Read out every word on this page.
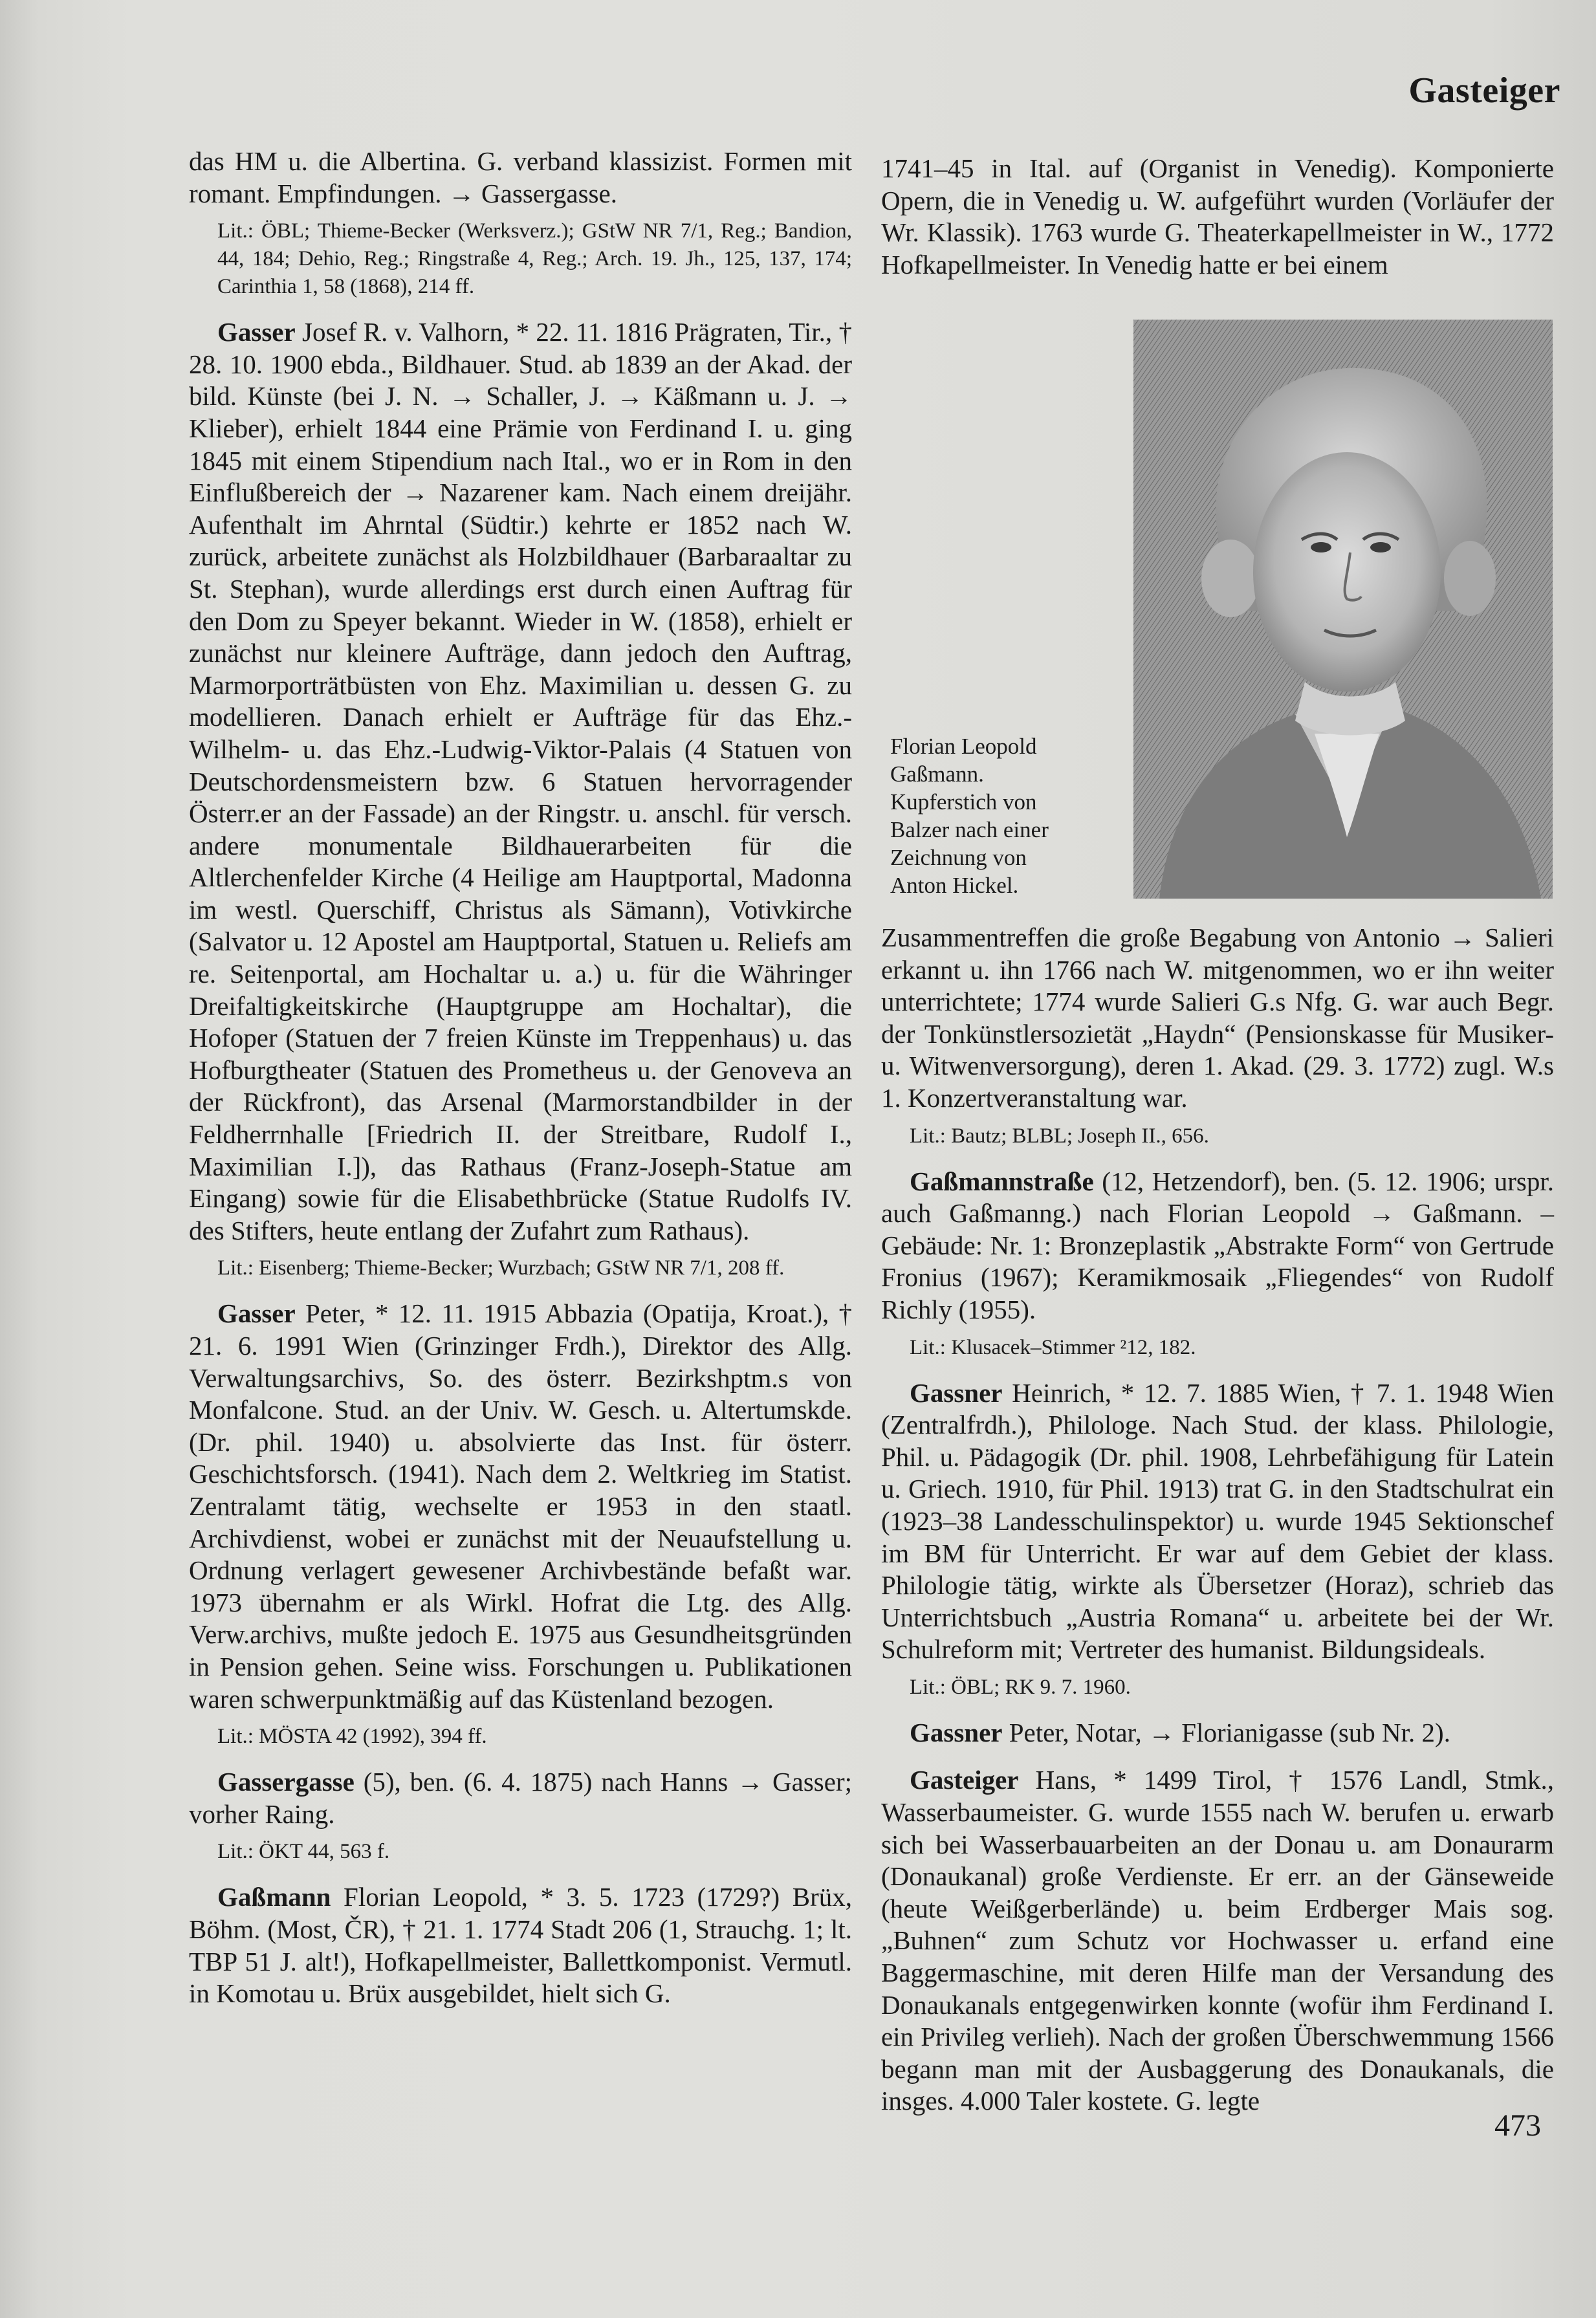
Gasteiger

das HM u. die Albertina. G. verband klassizist. Formen mit romant. Empfindungen. → Gassergasse.

Lit.: ÖBL; Thieme-Becker (Werksverz.); GStW NR 7/1, Reg.; Bandion, 44, 184; Dehio, Reg.; Ringstraße 4, Reg.; Arch. 19. Jh., 125, 137, 174; Carinthia 1, 58 (1868), 214 ff.

Gasser Josef R. v. Valhorn, * 22. 11. 1816 Prägraten, Tir., † 28. 10. 1900 ebda., Bildhauer. Stud. ab 1839 an der Akad. der bild. Künste (bei J. N. → Schaller, J. → Käßmann u. J. → Klieber), erhielt 1844 eine Prämie von Ferdinand I. u. ging 1845 mit einem Stipendium nach Ital., wo er in Rom in den Einflußbereich der → Nazarener kam. Nach einem dreijähr. Aufenthalt im Ahrntal (Südtir.) kehrte er 1852 nach W. zurück, arbeitete zunächst als Holzbildhauer (Barbaraaltar zu St. Stephan), wurde allerdings erst durch einen Auftrag für den Dom zu Speyer bekannt. Wieder in W. (1858), erhielt er zunächst nur kleinere Aufträge, dann jedoch den Auftrag, Marmorporträtbüsten von Ehz. Maximilian u. dessen G. zu modellieren. Danach erhielt er Aufträge für das Ehz.-Wilhelm- u. das Ehz.-Ludwig-Viktor-Palais (4 Statuen von Deutschordensmeistern bzw. 6 Statuen hervorragender Österr.er an der Fassade) an der Ringstr. u. anschl. für versch. andere monumentale Bildhauerarbeiten für die Altlerchenfelder Kirche (4 Heilige am Hauptportal, Madonna im westl. Querschiff, Christus als Sämann), Votivkirche (Salvator u. 12 Apostel am Hauptportal, Statuen u. Reliefs am re. Seitenportal, am Hochaltar u. a.) u. für die Währinger Dreifaltigkeitskirche (Hauptgruppe am Hochaltar), die Hofoper (Statuen der 7 freien Künste im Treppenhaus) u. das Hofburgtheater (Statuen des Prometheus u. der Genoveva an der Rückfront), das Arsenal (Marmorstandbilder in der Feldherrnhalle [Friedrich II. der Streitbare, Rudolf I., Maximilian I.]), das Rathaus (Franz-Joseph-Statue am Eingang) sowie für die Elisabethbrücke (Statue Rudolfs IV. des Stifters, heute entlang der Zufahrt zum Rathaus).

Lit.: Eisenberg; Thieme-Becker; Wurzbach; GStW NR 7/1, 208 ff.

Gasser Peter, * 12. 11. 1915 Abbazia (Opatija, Kroat.), † 21. 6. 1991 Wien (Grinzinger Frdh.), Direktor des Allg. Verwaltungsarchivs, So. des österr. Bezirkshptm.s von Monfalcone. Stud. an der Univ. W. Gesch. u. Altertumskde. (Dr. phil. 1940) u. absolvierte das Inst. für österr. Geschichtsforsch. (1941). Nach dem 2. Weltkrieg im Statist. Zentralamt tätig, wechselte er 1953 in den staatl. Archivdienst, wobei er zunächst mit der Neuaufstellung u. Ordnung verlagert gewesener Archivbestände befaßt war. 1973 übernahm er als Wirkl. Hofrat die Ltg. des Allg. Verw.archivs, mußte jedoch E. 1975 aus Gesundheitsgründen in Pension gehen. Seine wiss. Forschungen u. Publikationen waren schwerpunktmäßig auf das Küstenland bezogen.

Lit.: MÖSTA 42 (1992), 394 ff.

Gassergasse (5), ben. (6. 4. 1875) nach Hanns → Gasser; vorher Raing.

Lit.: ÖKT 44, 563 f.

Gaßmann Florian Leopold, * 3. 5. 1723 (1729?) Brüx, Böhm. (Most, ČR), † 21. 1. 1774 Stadt 206 (1, Strauchg. 1; lt. TBP 51 J. alt!), Hofkapellmeister, Ballettkomponist. Vermutl. in Komotau u. Brüx ausgebildet, hielt sich G.

1741–45 in Ital. auf (Organist in Venedig). Komponierte Opern, die in Venedig u. W. aufgeführt wurden (Vorläufer der Wr. Klassik). 1763 wurde G. Theaterkapellmeister in W., 1772 Hofkapellmeister. In Venedig hatte er bei einem

Florian Leopold
Gaßmann.
Kupferstich von
Balzer nach einer
Zeichnung von
Anton Hickel.

Zusammentreffen die große Begabung von Antonio → Salieri erkannt u. ihn 1766 nach W. mitgenommen, wo er ihn weiter unterrichtete; 1774 wurde Salieri G.s Nfg. G. war auch Begr. der Tonkünstlersozietät „Haydn“ (Pensionskasse für Musiker- u. Witwenversorgung), deren 1. Akad. (29. 3. 1772) zugl. W.s 1. Konzertveranstaltung war.

Lit.: Bautz; BLBL; Joseph II., 656.

Gaßmannstraße (12, Hetzendorf), ben. (5. 12. 1906; urspr. auch Gaßmanng.) nach Florian Leopold → Gaßmann. – Gebäude: Nr. 1: Bronzeplastik „Abstrakte Form“ von Gertrude Fronius (1967); Keramikmosaik „Fliegendes“ von Rudolf Richly (1955).

Lit.: Klusacek–Stimmer ²12, 182.

Gassner Heinrich, * 12. 7. 1885 Wien, † 7. 1. 1948 Wien (Zentralfrdh.), Philologe. Nach Stud. der klass. Philologie, Phil. u. Pädagogik (Dr. phil. 1908, Lehrbefähigung für Latein u. Griech. 1910, für Phil. 1913) trat G. in den Stadtschulrat ein (1923–38 Landesschulinspektor) u. wurde 1945 Sektionschef im BM für Unterricht. Er war auf dem Gebiet der klass. Philologie tätig, wirkte als Übersetzer (Horaz), schrieb das Unterrichtsbuch „Austria Romana“ u. arbeitete bei der Wr. Schulreform mit; Vertreter des humanist. Bildungsideals.

Lit.: ÖBL; RK 9. 7. 1960.

Gassner Peter, Notar, → Florianigasse (sub Nr. 2).

Gasteiger Hans, * 1499 Tirol, † 1576 Landl, Stmk., Wasserbaumeister. G. wurde 1555 nach W. berufen u. erwarb sich bei Wasserbauarbeiten an der Donau u. am Donaurarm (Donaukanal) große Verdienste. Er err. an der Gänseweide (heute Weißgerberlände) u. beim Erdberger Mais sog. „Buhnen“ zum Schutz vor Hochwasser u. erfand eine Baggermaschine, mit deren Hilfe man der Versandung des Donaukanals entgegenwirken konnte (wofür ihm Ferdinand I. ein Privileg verlieh). Nach der großen Überschwemmung 1566 begann man mit der Ausbaggerung des Donaukanals, die insges. 4.000 Taler kostete. G. legte

473
